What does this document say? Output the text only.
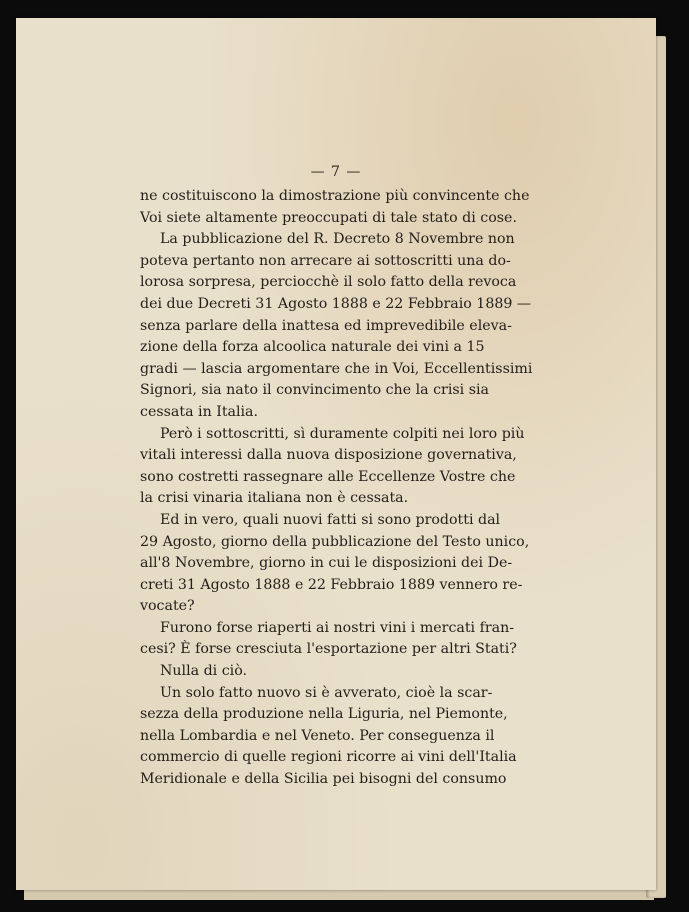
— 7 —
ne costituiscono la dimostrazione più convincente che
Voi siete altamente preoccupati di tale stato di cose.
La pubblicazione del R. Decreto 8 Novembre non
poteva pertanto non arrecare ai sottoscritti una do-
lorosa sorpresa, perciocchè il solo fatto della revoca
dei due Decreti 31 Agosto 1888 e 22 Febbraio 1889 —
senza parlare della inattesa ed imprevedibile eleva-
zione della forza alcoolica naturale dei vini a 15
gradi — lascia argomentare che in Voi, Eccellentissimi
Signori, sia nato il convincimento che la crisi sia
cessata in Italia.
Però i sottoscritti, sì duramente colpiti nei loro più
vitali interessi dalla nuova disposizione governativa,
sono costretti rassegnare alle Eccellenze Vostre che
la crisi vinaria italiana non è cessata.
Ed in vero, quali nuovi fatti si sono prodotti dal
29 Agosto, giorno della pubblicazione del Testo unico,
all'8 Novembre, giorno in cui le disposizioni dei De-
creti 31 Agosto 1888 e 22 Febbraio 1889 vennero re-
vocate?
Furono forse riaperti ai nostri vini i mercati fran-
cesi? È forse cresciuta l'esportazione per altri Stati?
Nulla di ciò.
Un solo fatto nuovo si è avverato, cioè la scar-
sezza della produzione nella Liguria, nel Piemonte,
nella Lombardia e nel Veneto. Per conseguenza il
commercio di quelle regioni ricorre ai vini dell'Italia
Meridionale e della Sicilia pei bisogni del consumo
